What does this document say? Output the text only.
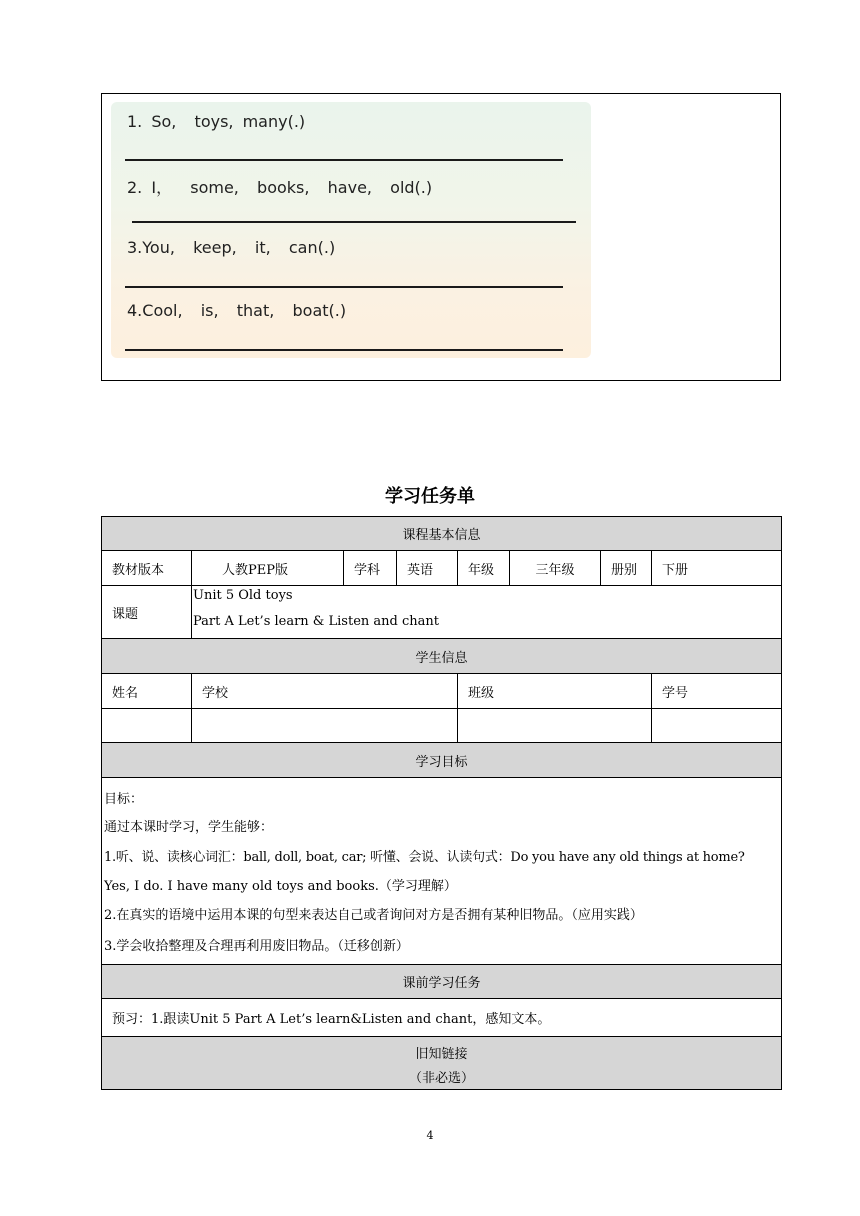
1. So,  toys, many(.)
2. I，  some,  books,  have,  old(.)
3.You,  keep,  it,  can(.)
4.Cool,  is,  that,  boat(.)
学习任务单
课程基本信息
教材版本	人教PEP版	学科	英语	年级	三年级	册别	下册
课题
Unit 5 Old toys
Part A Let’s learn & Listen and chant
学生信息
姓名	学校	班级	学号
学习目标
目标：
通过本课时学习，学生能够：
1.听、说、读核心词汇：ball, doll, boat, car; 听懂、会说、认读句式：Do you have any old things at home?
Yes, I do. I have many old toys and books.（学习理解）
2.在真实的语境中运用本课的句型来表达自己或者询问对方是否拥有某种旧物品。（应用实践）
3.学会收拾整理及合理再利用废旧物品。（迁移创新）
课前学习任务
预习：1.跟读Unit 5 Part A Let’s learn&Listen and chant，感知文本。
旧知链接
（非必选）
4
